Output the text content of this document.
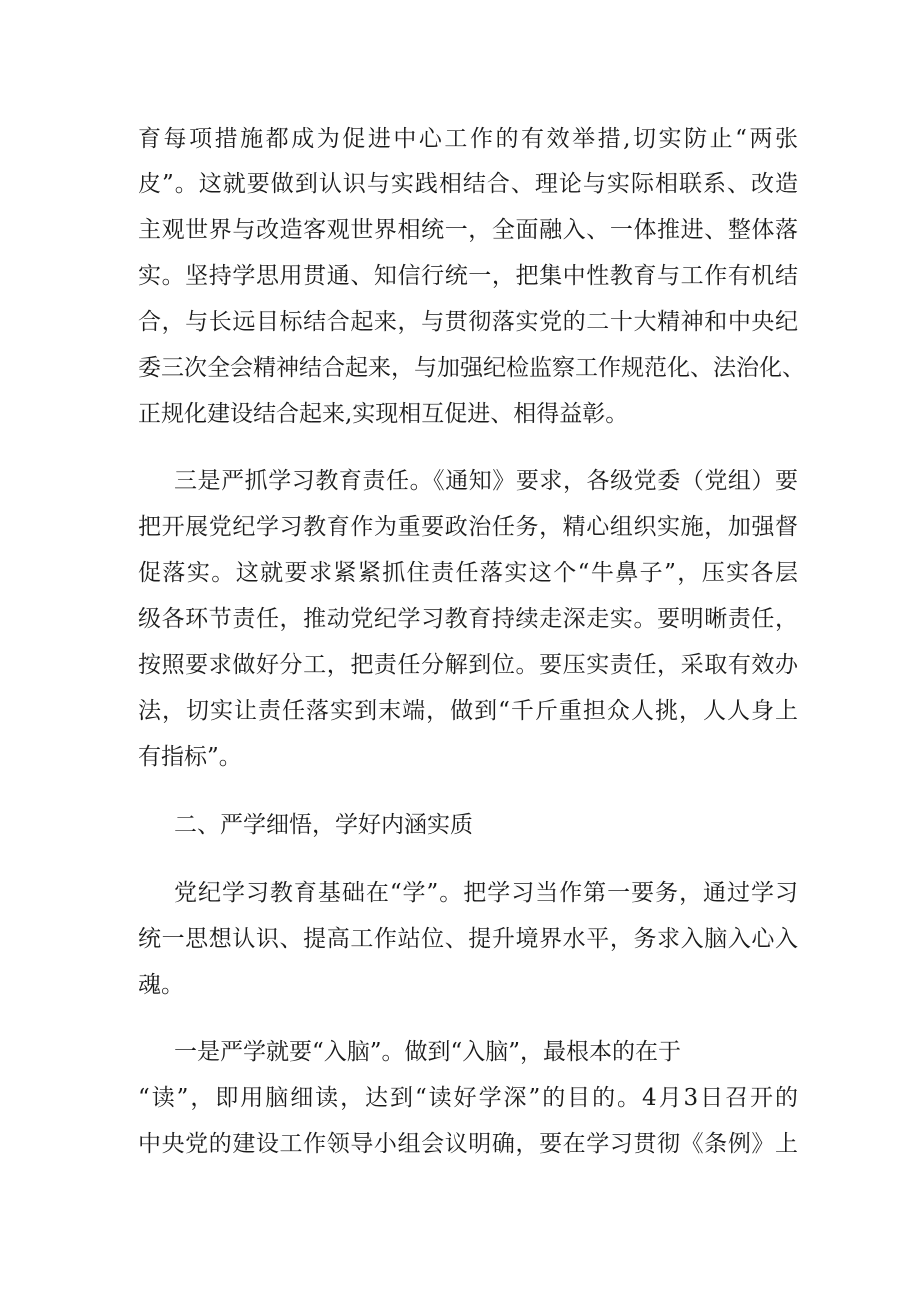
育每项措施都成为促进中心工作的有效举措,切实防止“两张
皮”。这就要做到认识与实践相结合、理论与实际相联系、改造
主观世界与改造客观世界相统一，全面融入、一体推进、整体落
实。坚持学思用贯通、知信行统一，把集中性教育与工作有机结
合，与长远目标结合起来，与贯彻落实党的二十大精神和中央纪
委三次全会精神结合起来，与加强纪检监察工作规范化、法治化、
正规化建设结合起来,实现相互促进、相得益彰。
三是严抓学习教育责任。《通知》要求，各级党委（党组）要
把开展党纪学习教育作为重要政治任务，精心组织实施，加强督
促落实。这就要求紧紧抓住责任落实这个“牛鼻子”，压实各层
级各环节责任，推动党纪学习教育持续走深走实。要明晰责任，
按照要求做好分工，把责任分解到位。要压实责任，采取有效办
法，切实让责任落实到末端，做到“千斤重担众人挑，人人身上
有指标”。
二、严学细悟，学好内涵实质
党纪学习教育基础在“学”。把学习当作第一要务，通过学习
统一思想认识、提高工作站位、提升境界水平，务求入脑入心入
魂。
一是严学就要“入脑”。做到“入脑”，最根本的在于
“读”，即用脑细读，达到“读好学深”的目的。4月3日召开的
中央党的建设工作领导小组会议明确，要在学习贯彻《条例》上
